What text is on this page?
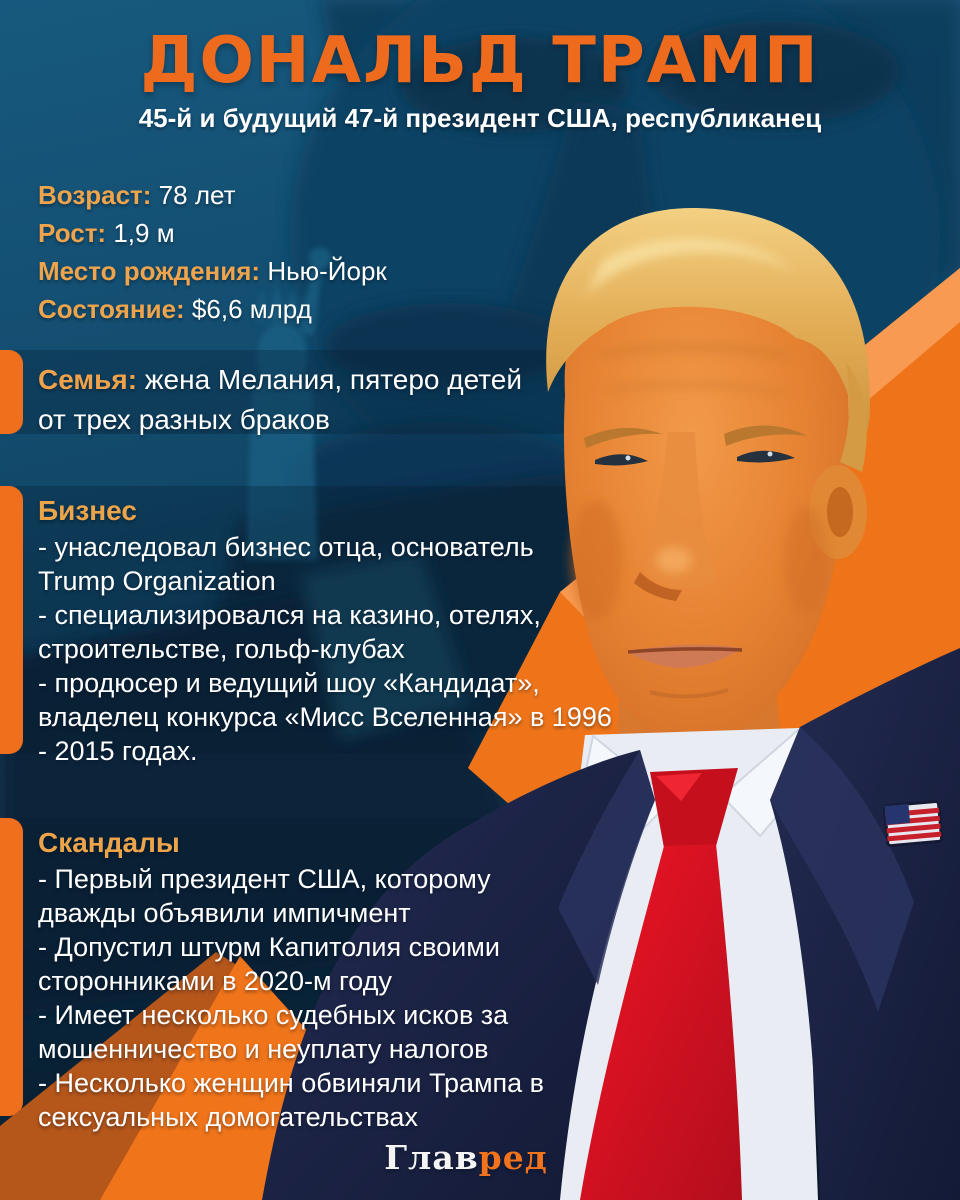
ДОНАЛЬД ТРАМП
45-й и будущий 47-й президент США, республиканец
Возраст: 78 лет
Рост: 1,9 м
Место рождения: Нью-Йорк
Состояние: $6,6 млрд
Семья: жена Мелания, пятеро детей от трех разных браков

Бизнес

- унаследовал бизнес отца, основатель Trump Organization

- специализировался на казино, отелях, строительстве, гольф-клубах

- продюсер и ведущий шоу «Кандидат», владелец конкурса «Мисс Вселенная» в 1996 - 2015 годах.

Скандалы

- Первый президент США, которому дважды объявили импичмент

- Допустил штурм Капитолия своими сторонниками в 2020-м году

- Имеет несколько судебных исков за мошенничество и неуплату налогов

- Несколько женщин обвиняли Трампа в сексуальных домогательствах

Главред
